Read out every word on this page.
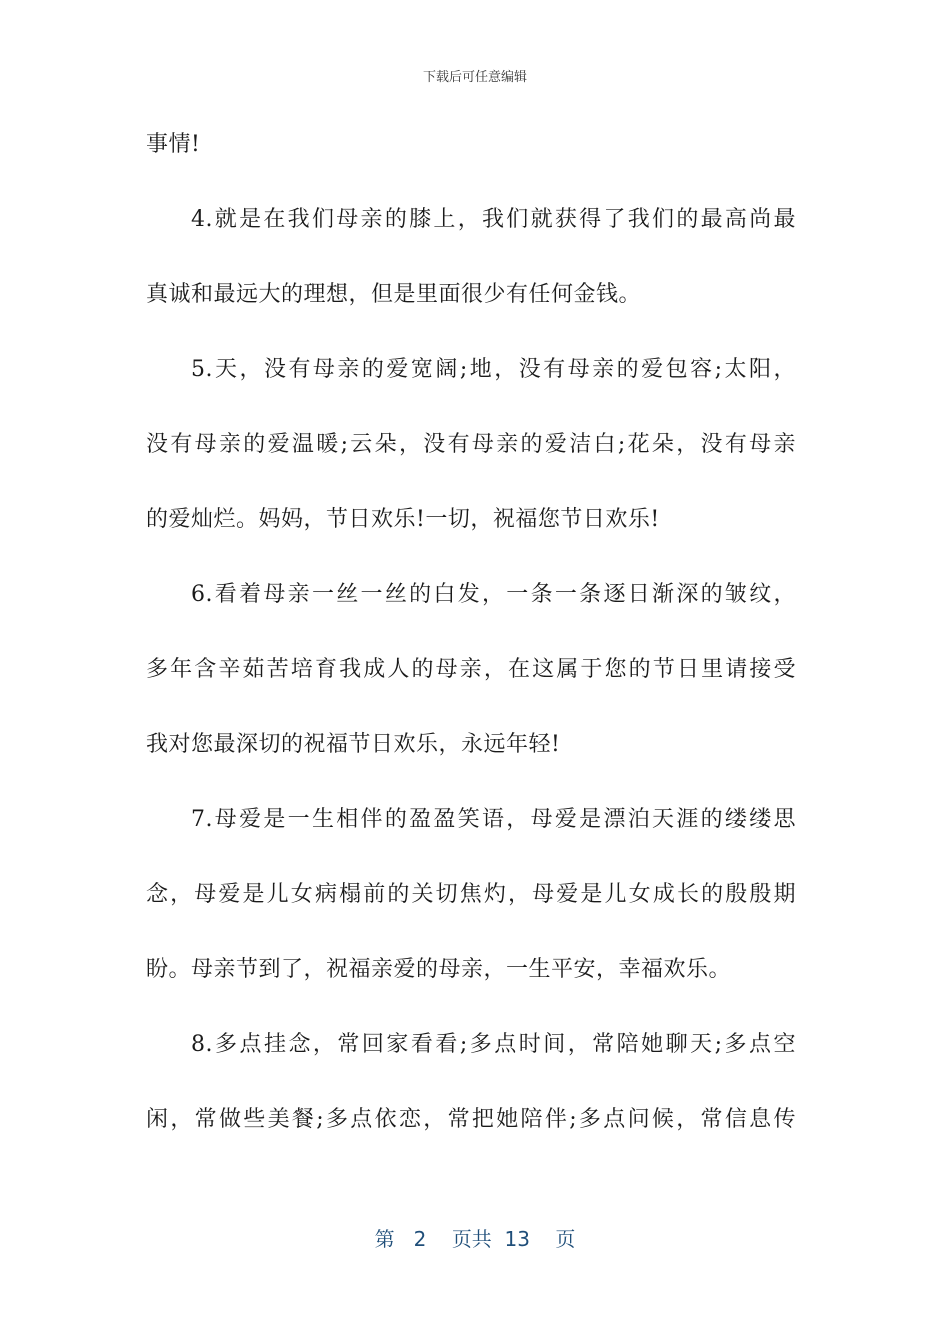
下载后可任意编辑
事情!
4.就是在我们母亲的膝上，我们就获得了我们的最高尚最
真诚和最远大的理想，但是里面很少有任何金钱。
5.天，没有母亲的爱宽阔;地，没有母亲的爱包容;太阳，
没有母亲的爱温暖;云朵，没有母亲的爱洁白;花朵，没有母亲
的爱灿烂。妈妈，节日欢乐!一切，祝福您节日欢乐!
6.看着母亲一丝一丝的白发，一条一条逐日渐深的皱纹，
多年含辛茹苦培育我成人的母亲，在这属于您的节日里请接受
我对您最深切的祝福节日欢乐，永远年轻!
7.母爱是一生相伴的盈盈笑语，母爱是漂泊天涯的缕缕思
念，母爱是儿女病榻前的关切焦灼，母爱是儿女成长的殷殷期
盼。母亲节到了，祝福亲爱的母亲，一生平安，幸福欢乐。
8.多点挂念，常回家看看;多点时间，常陪她聊天;多点空
闲，常做些美餐;多点依恋，常把她陪伴;多点问候，常信息传
第 2 页共 13 页
